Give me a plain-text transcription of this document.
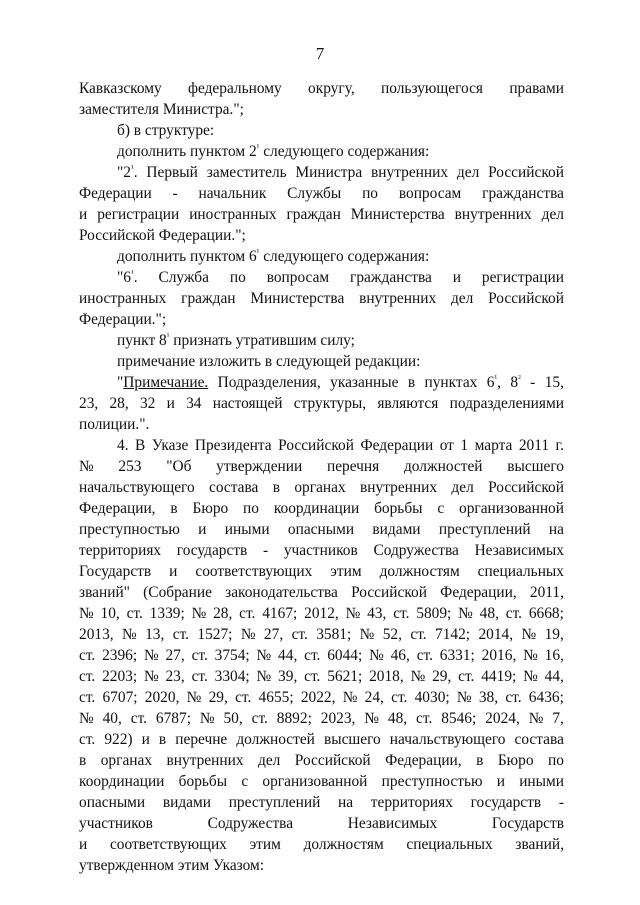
7
Кавказскому федеральному округу, пользующегося правами
заместителя Министра.";
б) в структуре:
дополнить пунктом $2^{^1}$ следующего содержания:
"$2^{^1}$. Первый заместитель Министра внутренних дел Российской
Федерации - начальник Службы по вопросам гражданства
и регистрации иностранных граждан Министерства внутренних дел
Российской Федерации.";
дополнить пунктом $6^{^1}$ следующего содержания:
"$6^{^1}$. Служба по вопросам гражданства и регистрации
иностранных граждан Министерства внутренних дел Российской
Федерации.";
пункт $8^{^1}$ признать утратившим силу;
примечание изложить в следующей редакции:
"Примечание. Подразделения, указанные в пунктах $6^{^1}$, $8^{^2} - 15$,
23, 28, 32 и 34 настоящей структуры, являются подразделениями
полиции.".
4. В Указе Президента Российской Федерации от 1 марта 2011 г.
№ 253 "Об утверждении перечня должностей высшего
начальствующего состава в органах внутренних дел Российской
Федерации, в Бюро по координации борьбы с организованной
преступностью и иными опасными видами преступлений на
территориях государств - участников Содружества Независимых
Государств и соответствующих этим должностям специальных
званий" (Собрание законодательства Российской Федерации, 2011,
№ 10, ст. 1339; № 28, ст. 4167; 2012, № 43, ст. 5809; № 48, ст. 6668;
2013, № 13, ст. 1527; № 27, ст. 3581; № 52, ст. 7142; 2014, № 19,
ст. 2396; № 27, ст. 3754; № 44, ст. 6044; № 46, ст. 6331; 2016, № 16,
ст. 2203; № 23, ст. 3304; № 39, ст. 5621; 2018, № 29, ст. 4419; № 44,
ст. 6707; 2020, № 29, ст. 4655; 2022, № 24, ст. 4030; № 38, ст. 6436;
№ 40, ст. 6787; № 50, ст. 8892; 2023, № 48, ст. 8546; 2024, № 7,
ст. 922) и в перечне должностей высшего начальствующего состава
в органах внутренних дел Российской Федерации, в Бюро по
координации борьбы с организованной преступностью и иными
опасными видами преступлений на территориях государств -
участников	Содружества	Независимых	Государств
и соответствующих этим должностям специальных званий,
утвержденном этим Указом:
